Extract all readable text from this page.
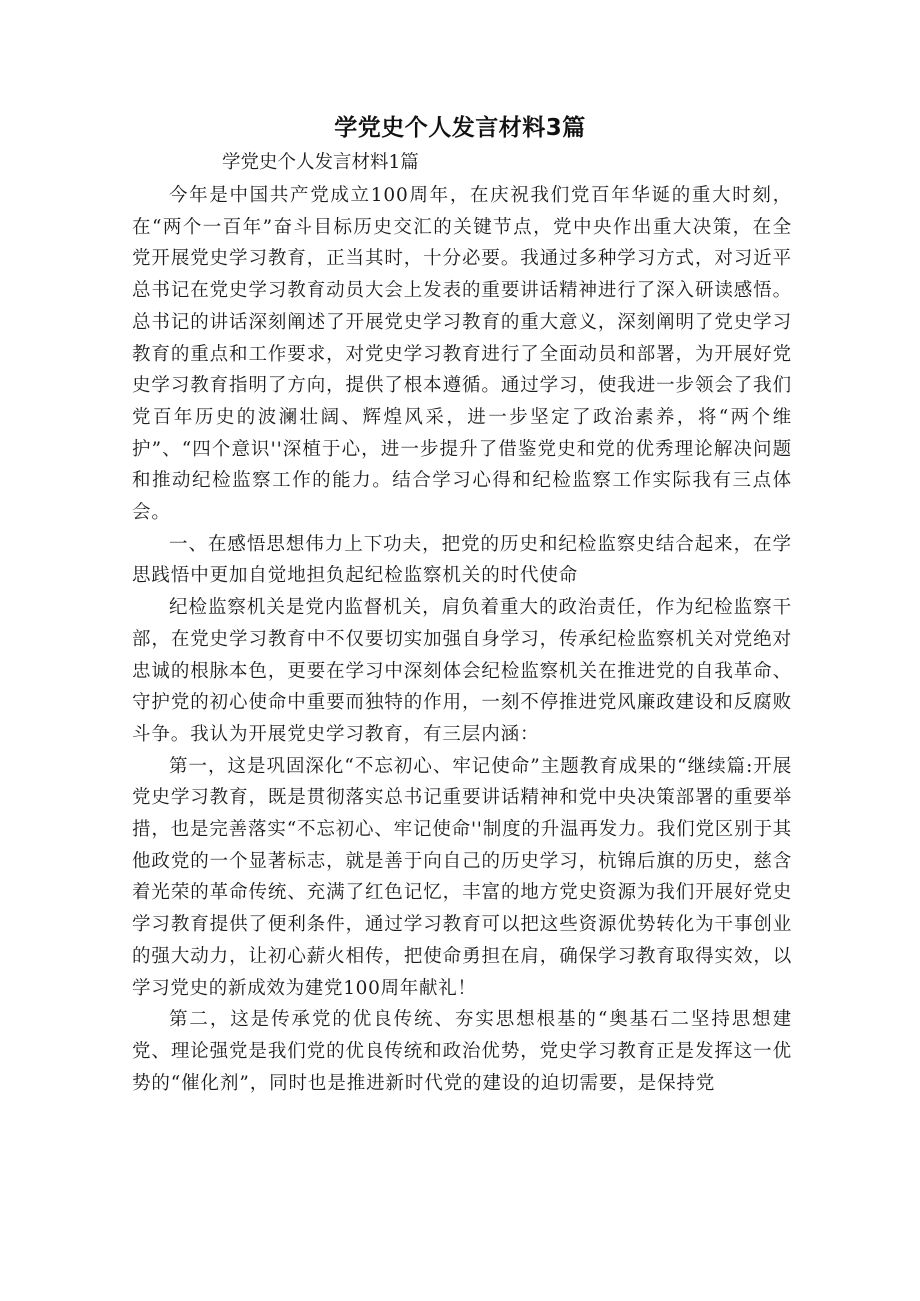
学党史个人发言材料3篇
学党史个人发言材料1篇

今年是中国共产党成立100周年，在庆祝我们党百年华诞的重大时刻，在“两个一百年”奋斗目标历史交汇的关键节点，党中央作出重大决策，在全党开展党史学习教育，正当其时，十分必要。我通过多种学习方式，对习近平总书记在党史学习教育动员大会上发表的重要讲话精神进行了深入研读感悟。总书记的讲话深刻阐述了开展党史学习教育的重大意义，深刻阐明了党史学习教育的重点和工作要求，对党史学习教育进行了全面动员和部署，为开展好党史学习教育指明了方向，提供了根本遵循。通过学习，使我进一步领会了我们党百年历史的波澜壮阔、辉煌风采，进一步坚定了政治素养，将“两个维护”、“四个意识''深植于心，进一步提升了借鉴党史和党的优秀理论解决问题和推动纪检监察工作的能力。结合学习心得和纪检监察工作实际我有三点体会。

一、在感悟思想伟力上下功夫，把党的历史和纪检监察史结合起来，在学思践悟中更加自觉地担负起纪检监察机关的时代使命

纪检监察机关是党内监督机关，肩负着重大的政治责任，作为纪检监察干部，在党史学习教育中不仅要切实加强自身学习，传承纪检监察机关对党绝对忠诚的根脉本色，更要在学习中深刻体会纪检监察机关在推进党的自我革命、守护党的初心使命中重要而独特的作用，一刻不停推进党风廉政建设和反腐败斗争。我认为开展党史学习教育，有三层内涵：

第一，这是巩固深化“不忘初心、牢记使命”主题教育成果的“继续篇:开展党史学习教育，既是贯彻落实总书记重要讲话精神和党中央决策部署的重要举措，也是完善落实“不忘初心、牢记使命''制度的升温再发力。我们党区别于其他政党的一个显著标志，就是善于向自己的历史学习，杭锦后旗的历史，慈含着光荣的革命传统、充满了红色记忆，丰富的地方党史资源为我们开展好党史学习教育提供了便利条件，通过学习教育可以把这些资源优势转化为干事创业的强大动力，让初心薪火相传，把使命勇担在肩，确保学习教育取得实效，以学习党史的新成效为建党100周年献礼！

第二，这是传承党的优良传统、夯实思想根基的“奥基石二坚持思想建党、理论强党是我们党的优良传统和政治优势，党史学习教育正是发挥这一优势的“催化剂”，同时也是推进新时代党的建设的迫切需要，是保持党
